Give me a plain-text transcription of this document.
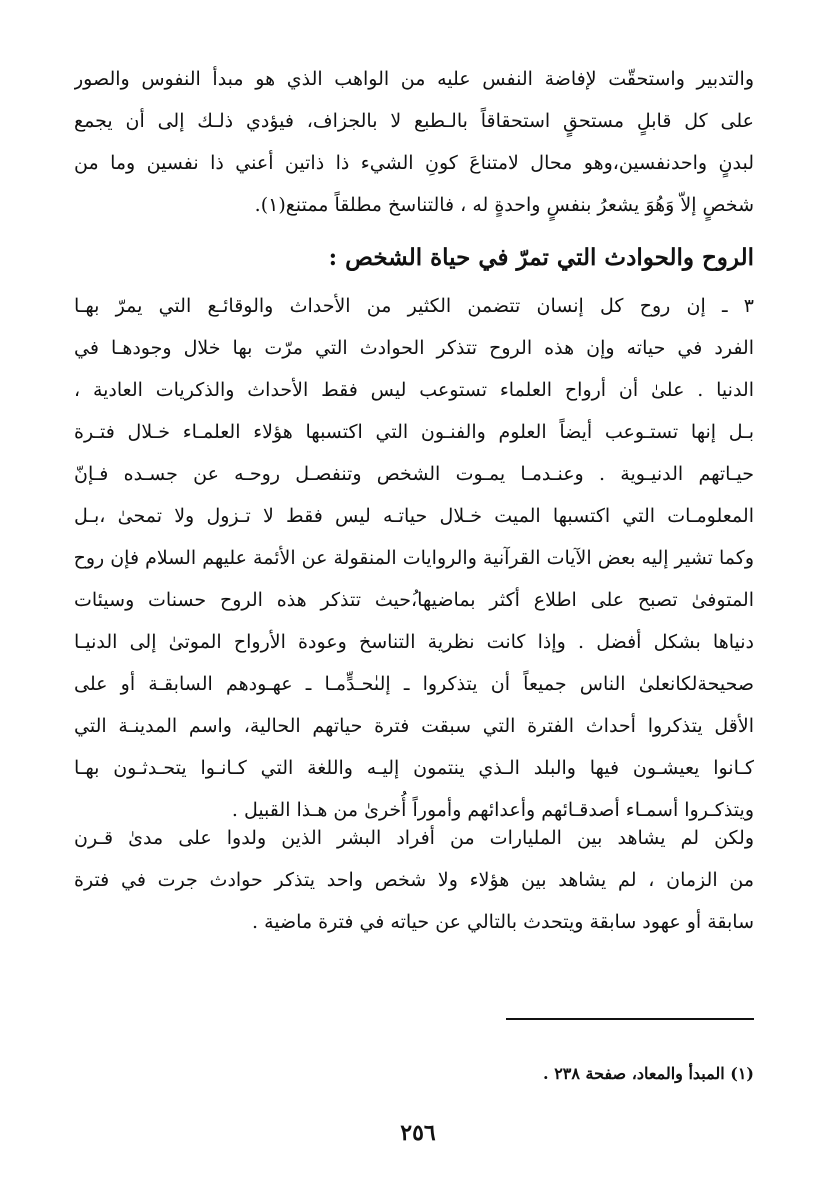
والتدبير واستحقّت لإفاضة النفس عليه من الواهب الذي هو مبدأ النفوس والصور
على كل قابلٍ مستحقٍ استحقاقاً بالـطبع لا بالجزاف، فيؤدي ذلـك إلى أن يجمع
لبدنٍ واحدنفسين،وهو محال لامتناعَ كونِ الشيء ذا ذاتين أعني ذا نفسين وما من
شخصٍ إلاّ وَهُوَ يشعرُ بنفسٍ واحدةٍ له ، فالتناسخ مطلقاً ممتنع(١).
الروح والحوادث التي تمرّ في حياة الشخص :
٣ ـ إن روح كل إنسان تتضمن الكثير من الأحداث والوقائـع التي يمرّ بهـا
الفرد في حياته وإن هذه الروح تتذكر الحوادث التي مرّت بها خلال وجودهـا في
الدنيا . علىٰ أن أرواح العلماء تستوعب ليس فقط الأحداث والذكريات العادية ،
بـل إنها تستـوعب أيضاً العلوم والفنـون التي اكتسبها هؤلاء العلمـاء خـلال فتـرة
حيـاتهم الدنيـوية . وعنـدمـا يمـوت الشخص وتنفصـل روحـه عن جسـده فـإنّ
المعلومـات التي اكتسبها الميت خـلال حياتـه ليس فقط لا تـزول ولا تمحىٰ ،بـل
وكما تشير إليه بعض الآيات القرآنية والروايات المنقولة عن الأئمة عليهم السلام فإن روح
المتوفىٰ تصبح على اطلاع أكثر بماضيها،ُحيث تتذكر هذه الروح حسنات وسيئات
دنياها بشكل أفضل . وإذا كانت نظرية التناسخ وعودة الأرواح الموتىٰ إلى الدنيـا
صحيحةلكانعلىٰ الناس جميعاً أن يتذكروا ـ إلىٰحـدٍّمـا ـ عهـودهم السابقـة أو على
الأقل يتذكروا أحداث الفترة التي سبقت فترة حياتهم الحالية، واسم المدينـة التي
كـانوا يعيشـون فيها والبلد الـذي ينتمون إليـه واللغة التي كـانـوا يتحـدثـون بهـا
ويتذكـروا أسمـاء أصدقـائهم وأعدائهم وأموراً أُخرىٰ من هـذا القبيل .
ولكن لم يشاهد بين المليارات من أفراد البشر الذين ولدوا على مدىٰ قـرن
من الزمان ، لم يشاهد بين هؤلاء ولا شخص واحد يتذكر حوادث جرت في فترة
سابقة أو عهود سابقة ويتحدث بالتالي عن حياته في فترة ماضية .
(١) المبدأ والمعاد، صفحة ٢٣٨ .
٢٥٦
